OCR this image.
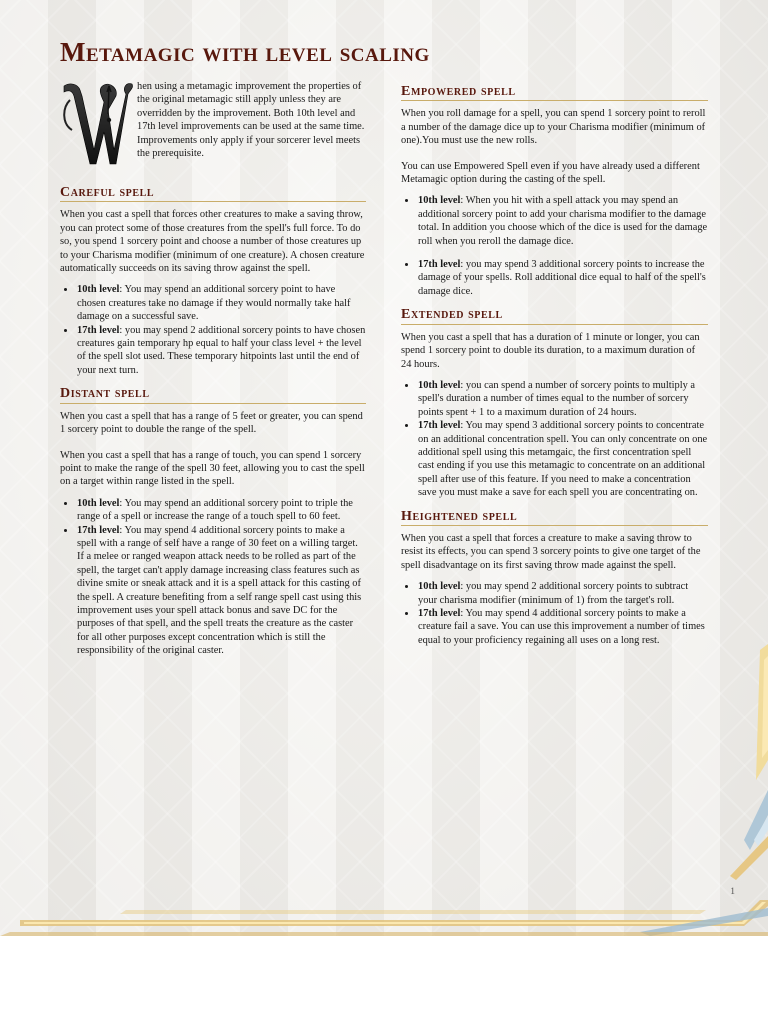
Metamagic with level scaling

hen using a metamagic improvement the properties of the original metamagic still apply unless they are overridden by the improvement. Both 10th level and 17th level improvements can be used at the same time. Improvements only apply if your sorcerer level meets the prerequisite.

Careful spell

When you cast a spell that forces other creatures to make a saving throw, you can protect some of those creatures from the spell's full force. To do so, you spend 1 sorcery point and choose a number of those creatures up to your Charisma modifier (minimum of one creature). A chosen creature automatically succeeds on its saving throw against the spell.

• 10th level: You may spend an additional sorcery point to have chosen creatures take no damage if they would normally take half damage on a successful save.
• 17th level: you may spend 2 additional sorcery points to have chosen creatures gain temporary hp equal to half your class level + the level of the spell slot used. These temporary hitpoints last until the end of your next turn.
Distant spell

When you cast a spell that has a range of 5 feet or greater, you can spend 1 sorcery point to double the range of the spell.

When you cast a spell that has a range of touch, you can spend 1 sorcery point to make the range of the spell 30 feet, allowing you to cast the spell on a target within range listed in the spell.

• 10th level: You may spend an additional sorcery point to triple the range of a spell or increase the range of a touch spell to 60 feet.
• 17th level: You may spend 4 additional sorcery points to make a spell with a range of self have a range of 30 feet on a willing target. If a melee or ranged weapon attack needs to be rolled as part of the spell, the target can't apply damage increasing class features such as divine smite or sneak attack and it is a spell attack for this casting of the spell. A creature benefiting from a self range spell cast using this improvement uses your spell attack bonus and save DC for the purposes of that spell, and the spell treats the creature as the caster for all other purposes except concentration which is still the responsibility of the original caster.
Empowered spell

When you roll damage for a spell, you can spend 1 sorcery point to reroll a number of the damage dice up to your Charisma modifier (minimum of one).You must use the new rolls.

You can use Empowered Spell even if you have already used a different Metamagic option during the casting of the spell.

• 10th level: When you hit with a spell attack you may spend an additional sorcery point to add your charisma modifier to the damage total. In addition you choose which of the dice is used for the damage roll when you reroll the damage dice.
• 17th level: you may spend 3 additional sorcery points to increase the damage of your spells. Roll additional dice equal to half of the spell's damage dice.
Extended spell

When you cast a spell that has a duration of 1 minute or longer, you can spend 1 sorcery point to double its duration, to a maximum duration of 24 hours.

• 10th level: you can spend a number of sorcery points to multiply a spell's duration a number of times equal to the number of sorcery points spent + 1 to a maximum duration of 24 hours.
• 17th level: You may spend 3 additional sorcery points to concentrate on an additional concentration spell. You can only concentrate on one additional spell using this metamgaic, the first concentration spell cast ending if you use this metamagic to concentrate on an additional spell after use of this feature. If you need to make a concentration save you must make a save for each spell you are concentrating on.
Heightened spell

When you cast a spell that forces a creature to make a saving throw to resist its effects, you can spend 3 sorcery points to give one target of the spell disadvantage on its first saving throw made against the spell.

• 10th level: you may spend 2 additional sorcery points to subtract your charisma modifier (minimum of 1) from the target's roll.
• 17th level: You may spend 4 additional sorcery points to make a creature fail a save. You can use this improvement a number of times equal to your proficiency regaining all uses on a long rest.
1
